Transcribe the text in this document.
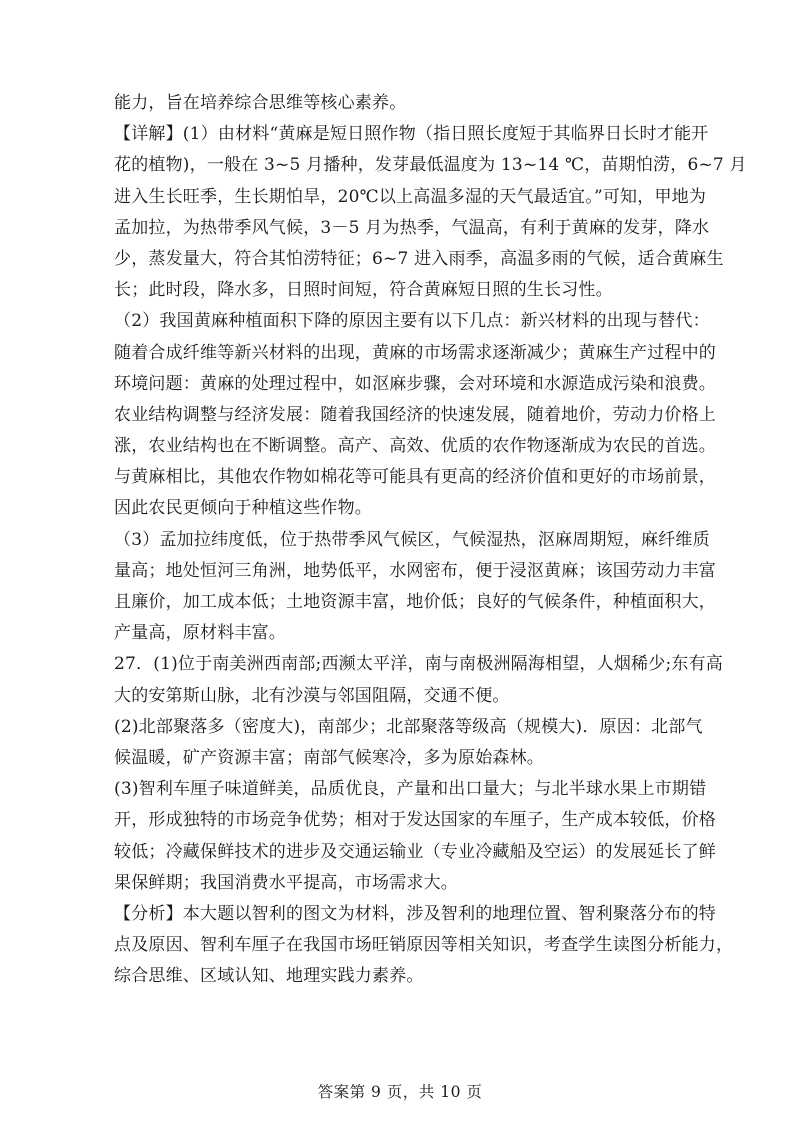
能力，旨在培养综合思维等核心素养。
【详解】(1）由材料“黄麻是短日照作物（指日照长度短于其临界日长时才能开
花的植物)，一般在 3~5 月播种，发芽最低温度为 13~14 ℃，苗期怕涝，6~7 月
进入生长旺季，生长期怕旱，20℃以上高温多湿的天气最适宜。”可知，甲地为
孟加拉，为热带季风气候，3－5 月为热季，气温高，有利于黄麻的发芽，降水
少，蒸发量大，符合其怕涝特征；6~7 进入雨季，高温多雨的气候，适合黄麻生
长；此时段，降水多，日照时间短，符合黄麻短日照的生长习性。
（2）我国黄麻种植面积下降的原因主要有以下几点：新兴材料的出现与替代：
随着合成纤维等新兴材料的出现，黄麻的市场需求逐渐减少；黄麻生产过程中的
环境问题：黄麻的处理过程中，如沤麻步骤，会对环境和水源造成污染和浪费。
农业结构调整与经济发展：随着我国经济的快速发展，随着地价，劳动力价格上
涨，农业结构也在不断调整。高产、高效、优质的农作物逐渐成为农民的首选。
与黄麻相比，其他农作物如棉花等可能具有更高的经济价值和更好的市场前景，
因此农民更倾向于种植这些作物。
（3）孟加拉纬度低，位于热带季风气候区，气候湿热，沤麻周期短，麻纤维质
量高；地处恒河三角洲，地势低平，水网密布，便于浸沤黄麻；该国劳动力丰富
且廉价，加工成本低；土地资源丰富，地价低；良好的气候条件，种植面积大，
产量高，原材料丰富。
27．(1)位于南美洲西南部;西濒太平洋，南与南极洲隔海相望，人烟稀少;东有高
大的安第斯山脉，北有沙漠与邻国阻隔，交通不便。
(2)北部聚落多（密度大)，南部少；北部聚落等级高（规模大)．原因：北部气
候温暖，矿产资源丰富；南部气候寒冷，多为原始森林。
(3)智利车厘子味道鲜美，品质优良，产量和出口量大；与北半球水果上市期错
开，形成独特的市场竞争优势；相对于发达国家的车厘子，生产成本较低，价格
较低；冷藏保鲜技术的进步及交通运输业（专业冷藏船及空运）的发展延长了鲜
果保鲜期；我国消费水平提高，市场需求大。
【分析】本大题以智利的图文为材料，涉及智利的地理位置、智利聚落分布的特
点及原因、智利车厘子在我国市场旺销原因等相关知识，考查学生读图分析能力，
综合思维、区域认知、地理实践力素养。
答案第 9 页，共 10 页
